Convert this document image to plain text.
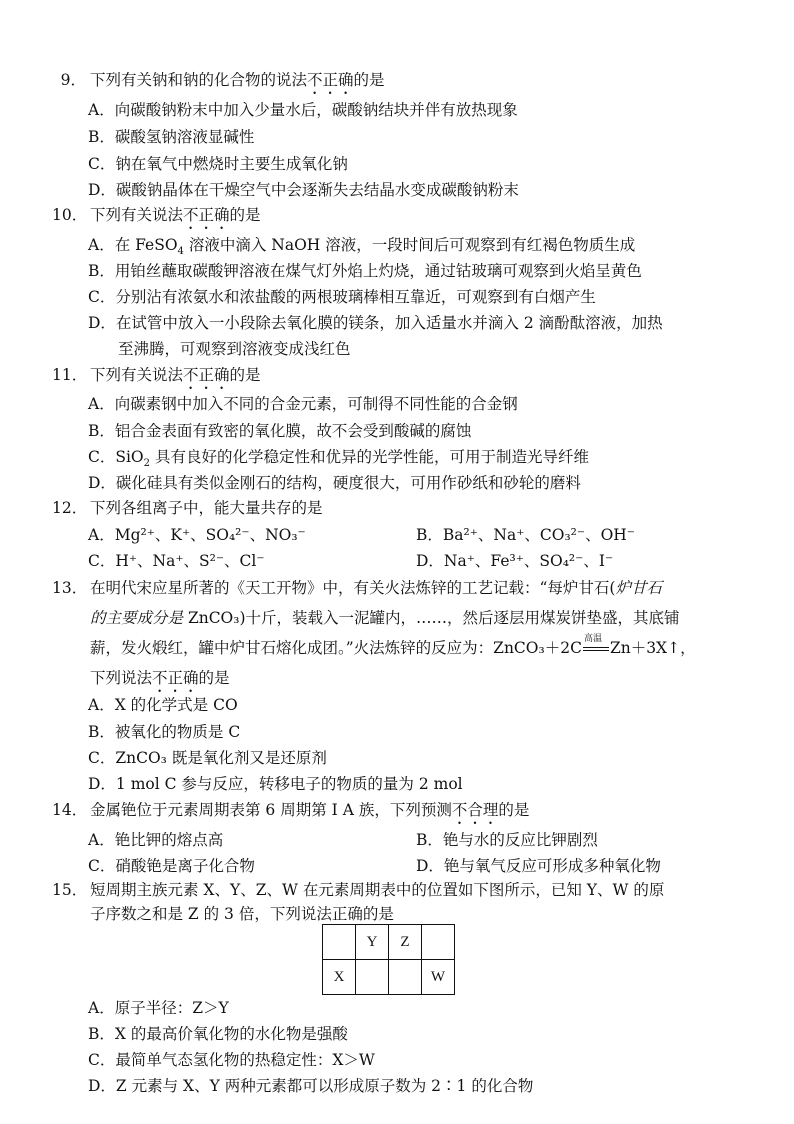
9． 下列有关钠和钠的化合物的说法不正确的是
A．向碳酸钠粉末中加入少量水后，碳酸钠结块并伴有放热现象
B．碳酸氢钠溶液显碱性
C．钠在氧气中燃烧时主要生成氧化钠
D．碳酸钠晶体在干燥空气中会逐渐失去结晶水变成碳酸钠粉末
10． 下列有关说法不正确的是
A．在 FeSO$_4$ 溶液中滴入 NaOH 溶液，一段时间后可观察到有红褐色物质生成
B．用铂丝蘸取碳酸钾溶液在煤气灯外焰上灼烧，通过钴玻璃可观察到火焰呈黄色
C．分别沾有浓氨水和浓盐酸的两根玻璃棒相互靠近，可观察到有白烟产生
D．在试管中放入一小段除去氧化膜的镁条，加入适量水并滴入 2 滴酚酞溶液，加热
至沸腾，可观察到溶液变成浅红色
11． 下列有关说法不正确的是
A．向碳素钢中加入不同的合金元素，可制得不同性能的合金钢
B．铝合金表面有致密的氧化膜，故不会受到酸碱的腐蚀
C．SiO$_2$ 具有良好的化学稳定性和优异的光学性能，可用于制造光导纤维
D．碳化硅具有类似金刚石的结构，硬度很大，可用作砂纸和砂轮的磨料
12． 下列各组离子中，能大量共存的是
A．Mg²⁺、K⁺、SO₄²⁻、NO₃⁻	B．Ba²⁺、Na⁺、CO₃²⁻、OH⁻
C．H⁺、Na⁺、S²⁻、Cl⁻	D．Na⁺、Fe³⁺、SO₄²⁻、I⁻
13． 在明代宋应星所著的《天工开物》中，有关火法炼锌的工艺记载：“每炉甘石(炉甘石
的主要成分是 ZnCO₃)十斤，装载入一泥罐内，……，然后逐层用煤炭饼垫盛，其底铺
薪，发火煅红，罐中炉甘石熔化成团。”火法炼锌的反应为：ZnCO₃＋2C 高温 Zn＋3X↑，
下列说法不正确的是
A．X 的化学式是 CO
B．被氧化的物质是 C
C．ZnCO₃ 既是氧化剂又是还原剂
D．1 mol C 参与反应，转移电子的物质的量为 2 mol
14． 金属铯位于元素周期表第 6 周期第 Ⅰ A 族，下列预测不合理的是
A．铯比钾的熔点高	B．铯与水的反应比钾剧烈
C．硝酸铯是离子化合物	D．铯与氧气反应可形成多种氧化物
15． 短周期主族元素 X、Y、Z、W 在元素周期表中的位置如下图所示，已知 Y、W 的原
子序数之和是 Z 的 3 倍，下列说法正确的是
	Y	Z	
X			W
A．原子半径：Z＞Y
B．X 的最高价氧化物的水化物是强酸
C．最简单气态氢化物的热稳定性：X＞W
D．Z 元素与 X、Y 两种元素都可以形成原子数为 2∶1 的化合物
